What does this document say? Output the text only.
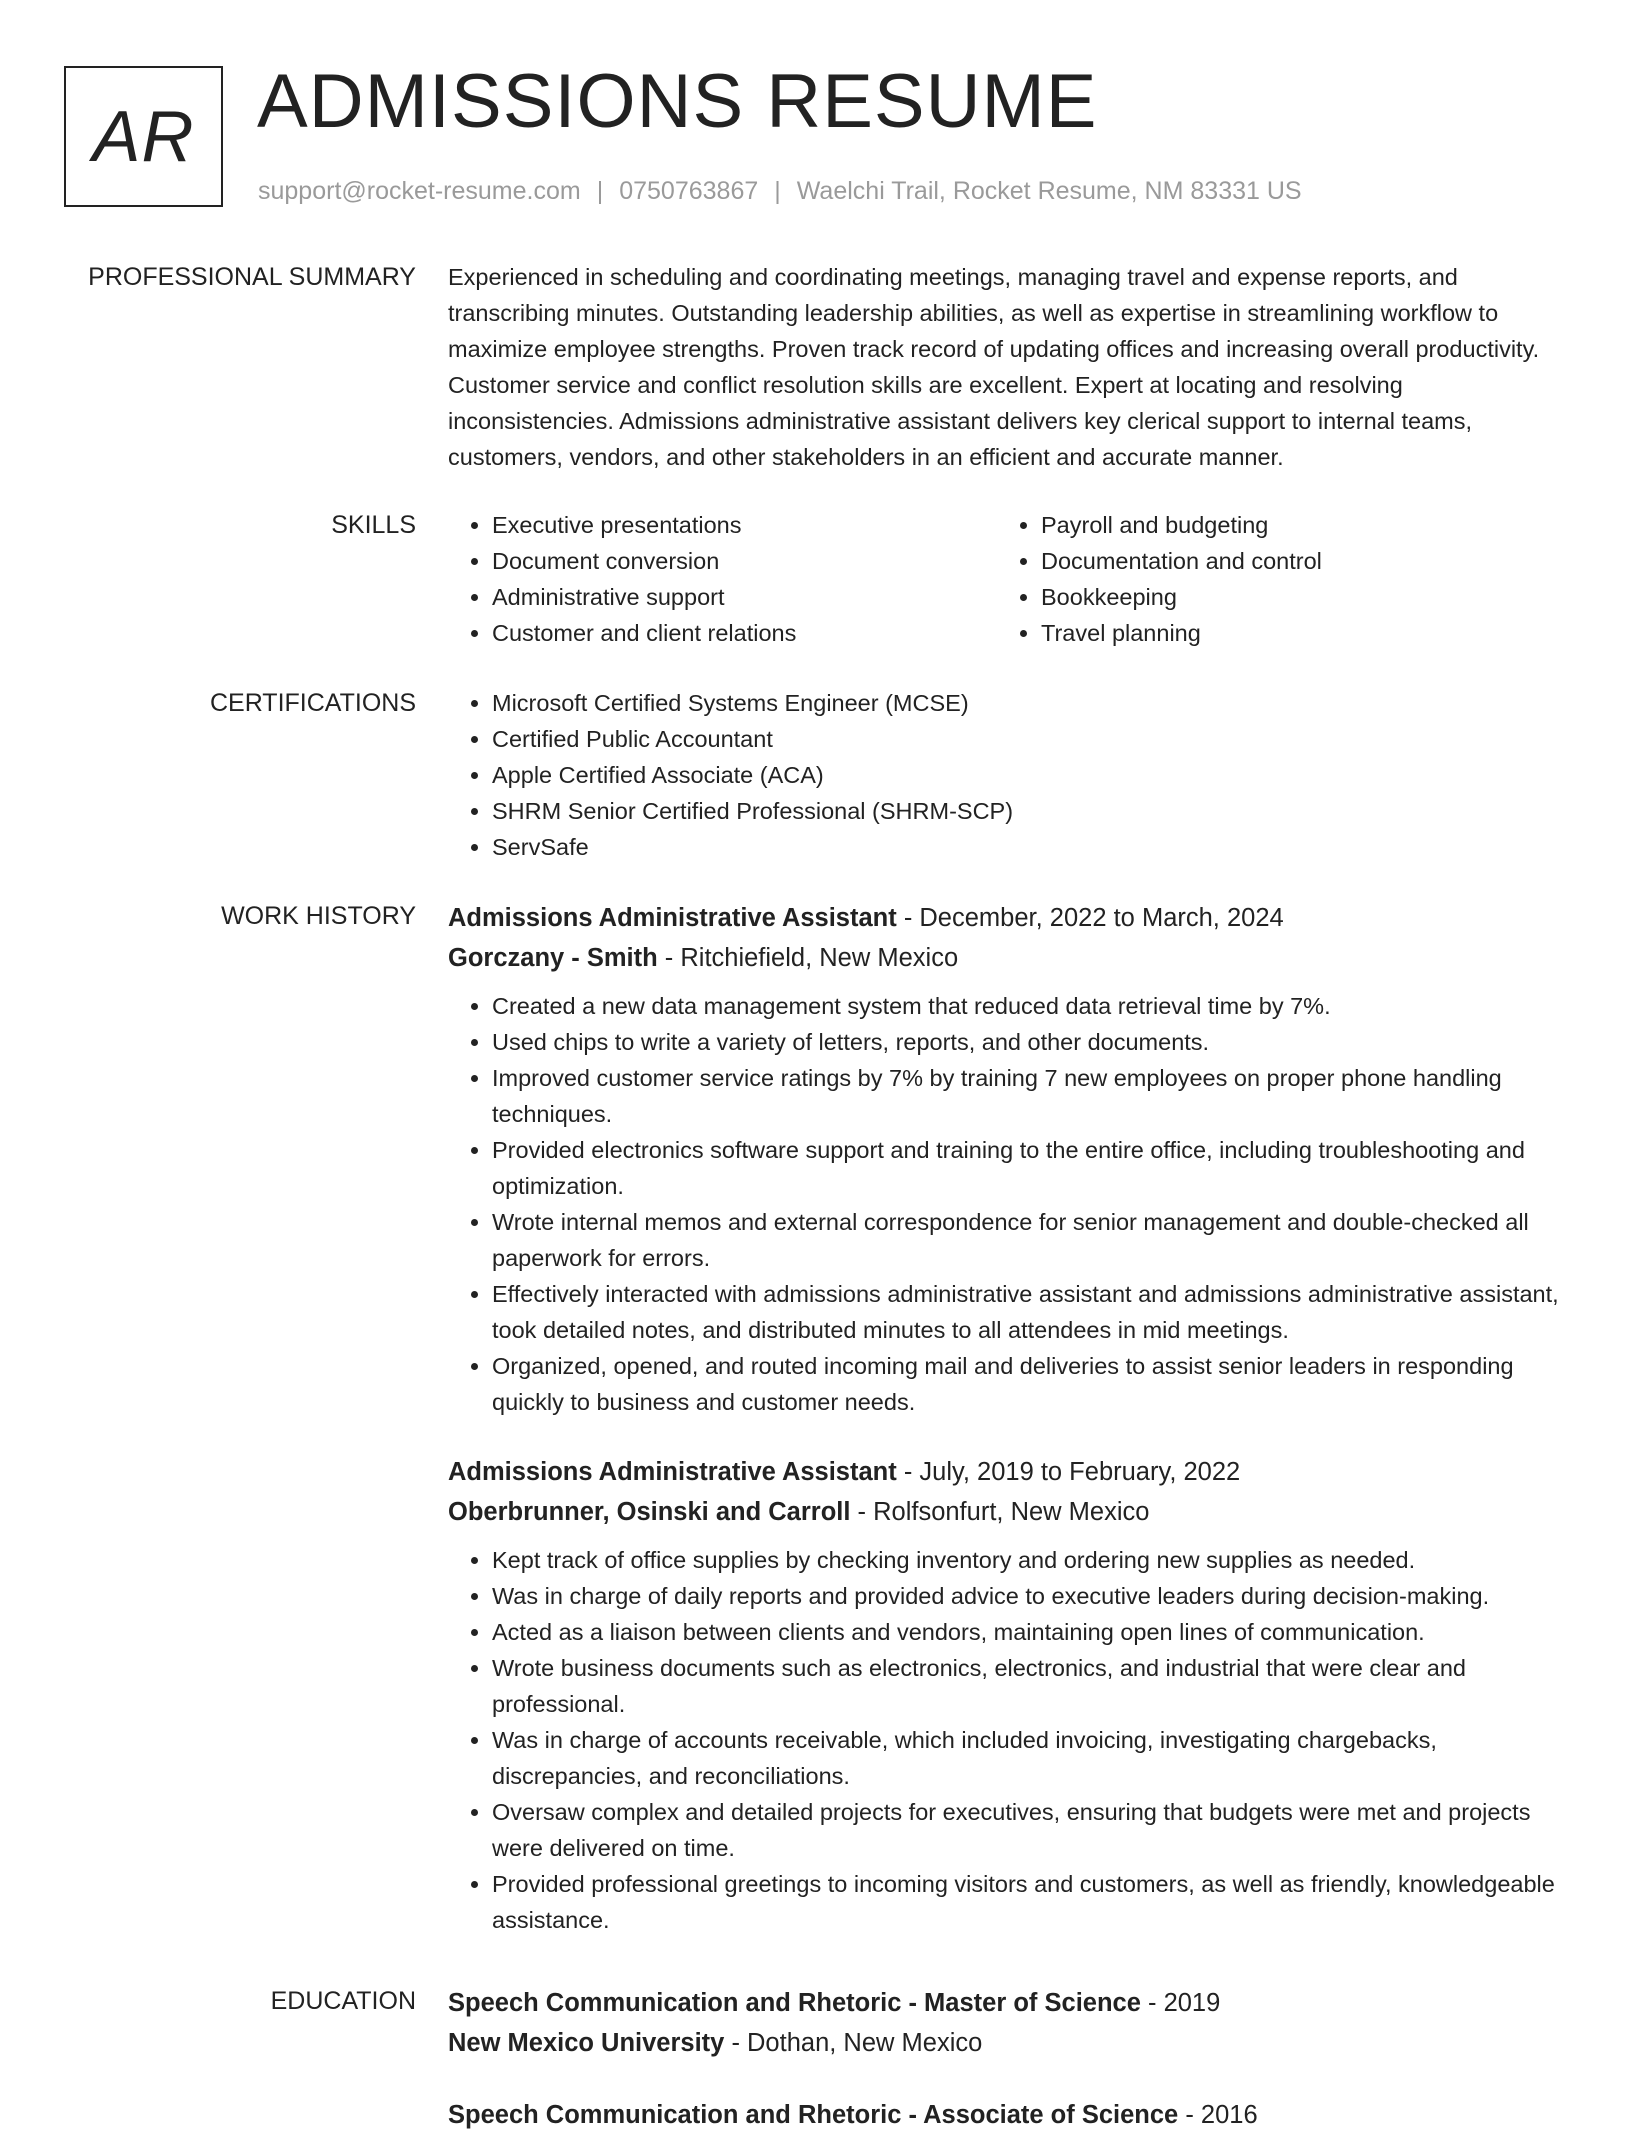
AR ADMISSIONS RESUME
support@rocket-resume.com | 0750763867 | Waelchi Trail, Rocket Resume, NM 83331 US
PROFESSIONAL SUMMARY Experienced in scheduling and coordinating meetings, managing travel and expense reports, and transcribing minutes. Outstanding leadership abilities, as well as expertise in streamlining workflow to maximize employee strengths. Proven track record of updating offices and increasing overall productivity. Customer service and conflict resolution skills are excellent. Expert at locating and resolving inconsistencies. Admissions administrative assistant delivers key clerical support to internal teams, customers, vendors, and other stakeholders in an efficient and accurate manner.

SKILLS	• Executive presentations
• Document conversion
• Administrative support
• Customer and client relations
• Payroll and budgeting
• Documentation and control
• Bookkeeping
• Travel planning
CERTIFICATIONS	• Microsoft Certified Systems Engineer (MCSE)
• Certified Public Accountant
• Apple Certified Associate (ACA)
• SHRM Senior Certified Professional (SHRM-SCP)
• ServSafe
WORK HISTORY Admissions Administrative Assistant - December, 2022 to March, 2024
Gorczany - Smith - Ritchiefield, New Mexico
• Created a new data management system that reduced data retrieval time by 7%.
• Used chips to write a variety of letters, reports, and other documents.
• Improved customer service ratings by 7% by training 7 new employees on proper phone handling techniques.
• Provided electronics software support and training to the entire office, including troubleshooting and optimization.
• Wrote internal memos and external correspondence for senior management and double-checked all paperwork for errors.
• Effectively interacted with admissions administrative assistant and admissions administrative assistant, took detailed notes, and distributed minutes to all attendees in mid meetings.
• Organized, opened, and routed incoming mail and deliveries to assist senior leaders in responding quickly to business and customer needs.
Admissions Administrative Assistant - July, 2019 to February, 2022
Oberbrunner, Osinski and Carroll - Rolfsonfurt, New Mexico
• Kept track of office supplies by checking inventory and ordering new supplies as needed.
• Was in charge of daily reports and provided advice to executive leaders during decision-making.
• Acted as a liaison between clients and vendors, maintaining open lines of communication.
• Wrote business documents such as electronics, electronics, and industrial that were clear and professional.
• Was in charge of accounts receivable, which included invoicing, investigating chargebacks, discrepancies, and reconciliations.
• Oversaw complex and detailed projects for executives, ensuring that budgets were met and projects were delivered on time.
• Provided professional greetings to incoming visitors and customers, as well as friendly, knowledgeable assistance.
EDUCATION Speech Communication and Rhetoric - Master of Science - 2019
New Mexico University - Dothan, New Mexico
Speech Communication and Rhetoric - Associate of Science - 2016
